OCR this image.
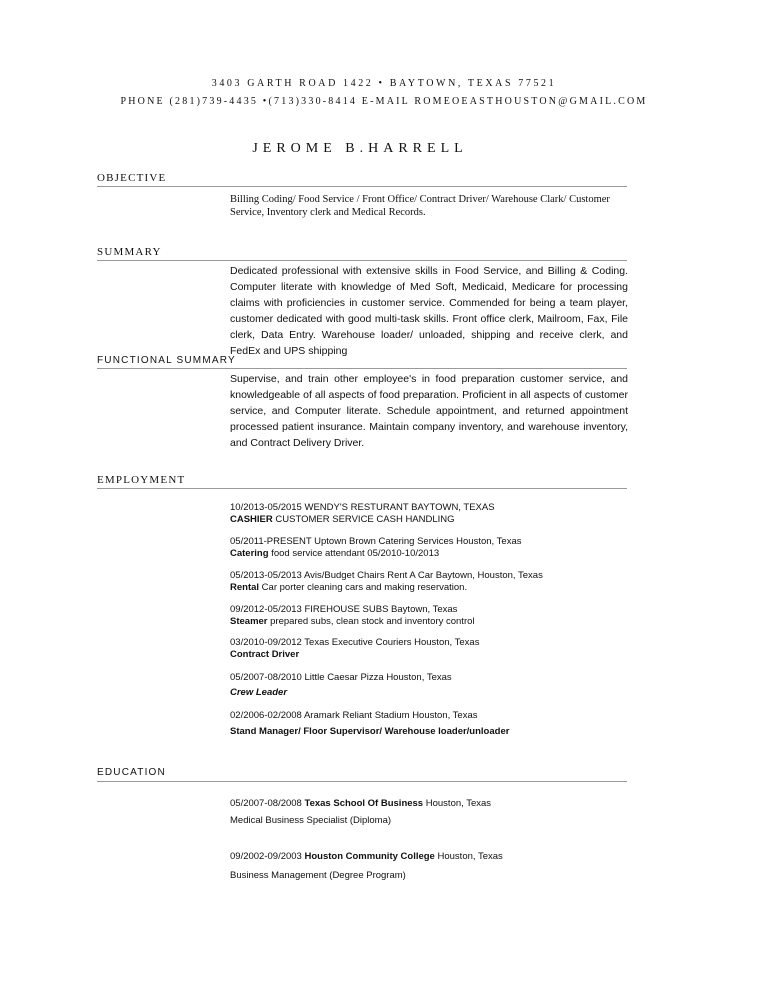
3403 GARTH ROAD 1422 • BAYTOWN, TEXAS 77521
PHONE (281)739-4435 •(713)330-8414 E-MAIL ROMEOEASTHOUSTON@GMAIL.COM
JEROME B.HARRELL
OBJECTIVE

Billing Coding/ Food Service / Front Office/ Contract Driver/ Warehouse Clark/ Customer Service, Inventory clerk and Medical Records.

SUMMARY

Dedicated professional with extensive skills in Food Service, and Billing & Coding. Computer literate with knowledge of Med Soft, Medicaid, Medicare for processing claims with proficiencies in customer service. Commended for being a team player, customer dedicated with good multi-task skills. Front office clerk, Mailroom, Fax, File clerk, Data Entry. Warehouse loader/ unloaded, shipping and receive clerk, and FedEx and UPS shipping

FUNCTIONAL SUMMARY

Supervise, and train other employee's in food preparation customer service, and knowledgeable of all aspects of food preparation. Proficient in all aspects of customer service, and Computer literate. Schedule appointment, and returned appointment processed patient insurance. Maintain company inventory, and warehouse inventory, and Contract Delivery Driver.

EMPLOYMENT
10/2013-05/2015 WENDY'S RESTURANT BAYTOWN, TEXAS
CASHIER CUSTOMER SERVICE CASH HANDLING
05/2011-PRESENT Uptown Brown Catering Services Houston, Texas
Catering food service attendant 05/2010-10/2013
05/2013-05/2013 Avis/Budget Chairs Rent A Car Baytown, Houston, Texas
Rental Car porter cleaning cars and making reservation.
09/2012-05/2013 FIREHOUSE SUBS Baytown, Texas
Steamer prepared subs, clean stock and inventory control
03/2010-09/2012 Texas Executive Couriers Houston, Texas
Contract Driver
05/2007-08/2010 Little Caesar Pizza Houston, Texas
Crew Leader
02/2006-02/2008 Aramark Reliant Stadium Houston, Texas
Stand Manager/ Floor Supervisor/ Warehouse loader/unloader
EDUCATION
05/2007-08/2008 Texas School Of Business Houston, Texas
Medical Business Specialist (Diploma)
09/2002-09/2003 Houston Community College Houston, Texas
Business Management (Degree Program)
